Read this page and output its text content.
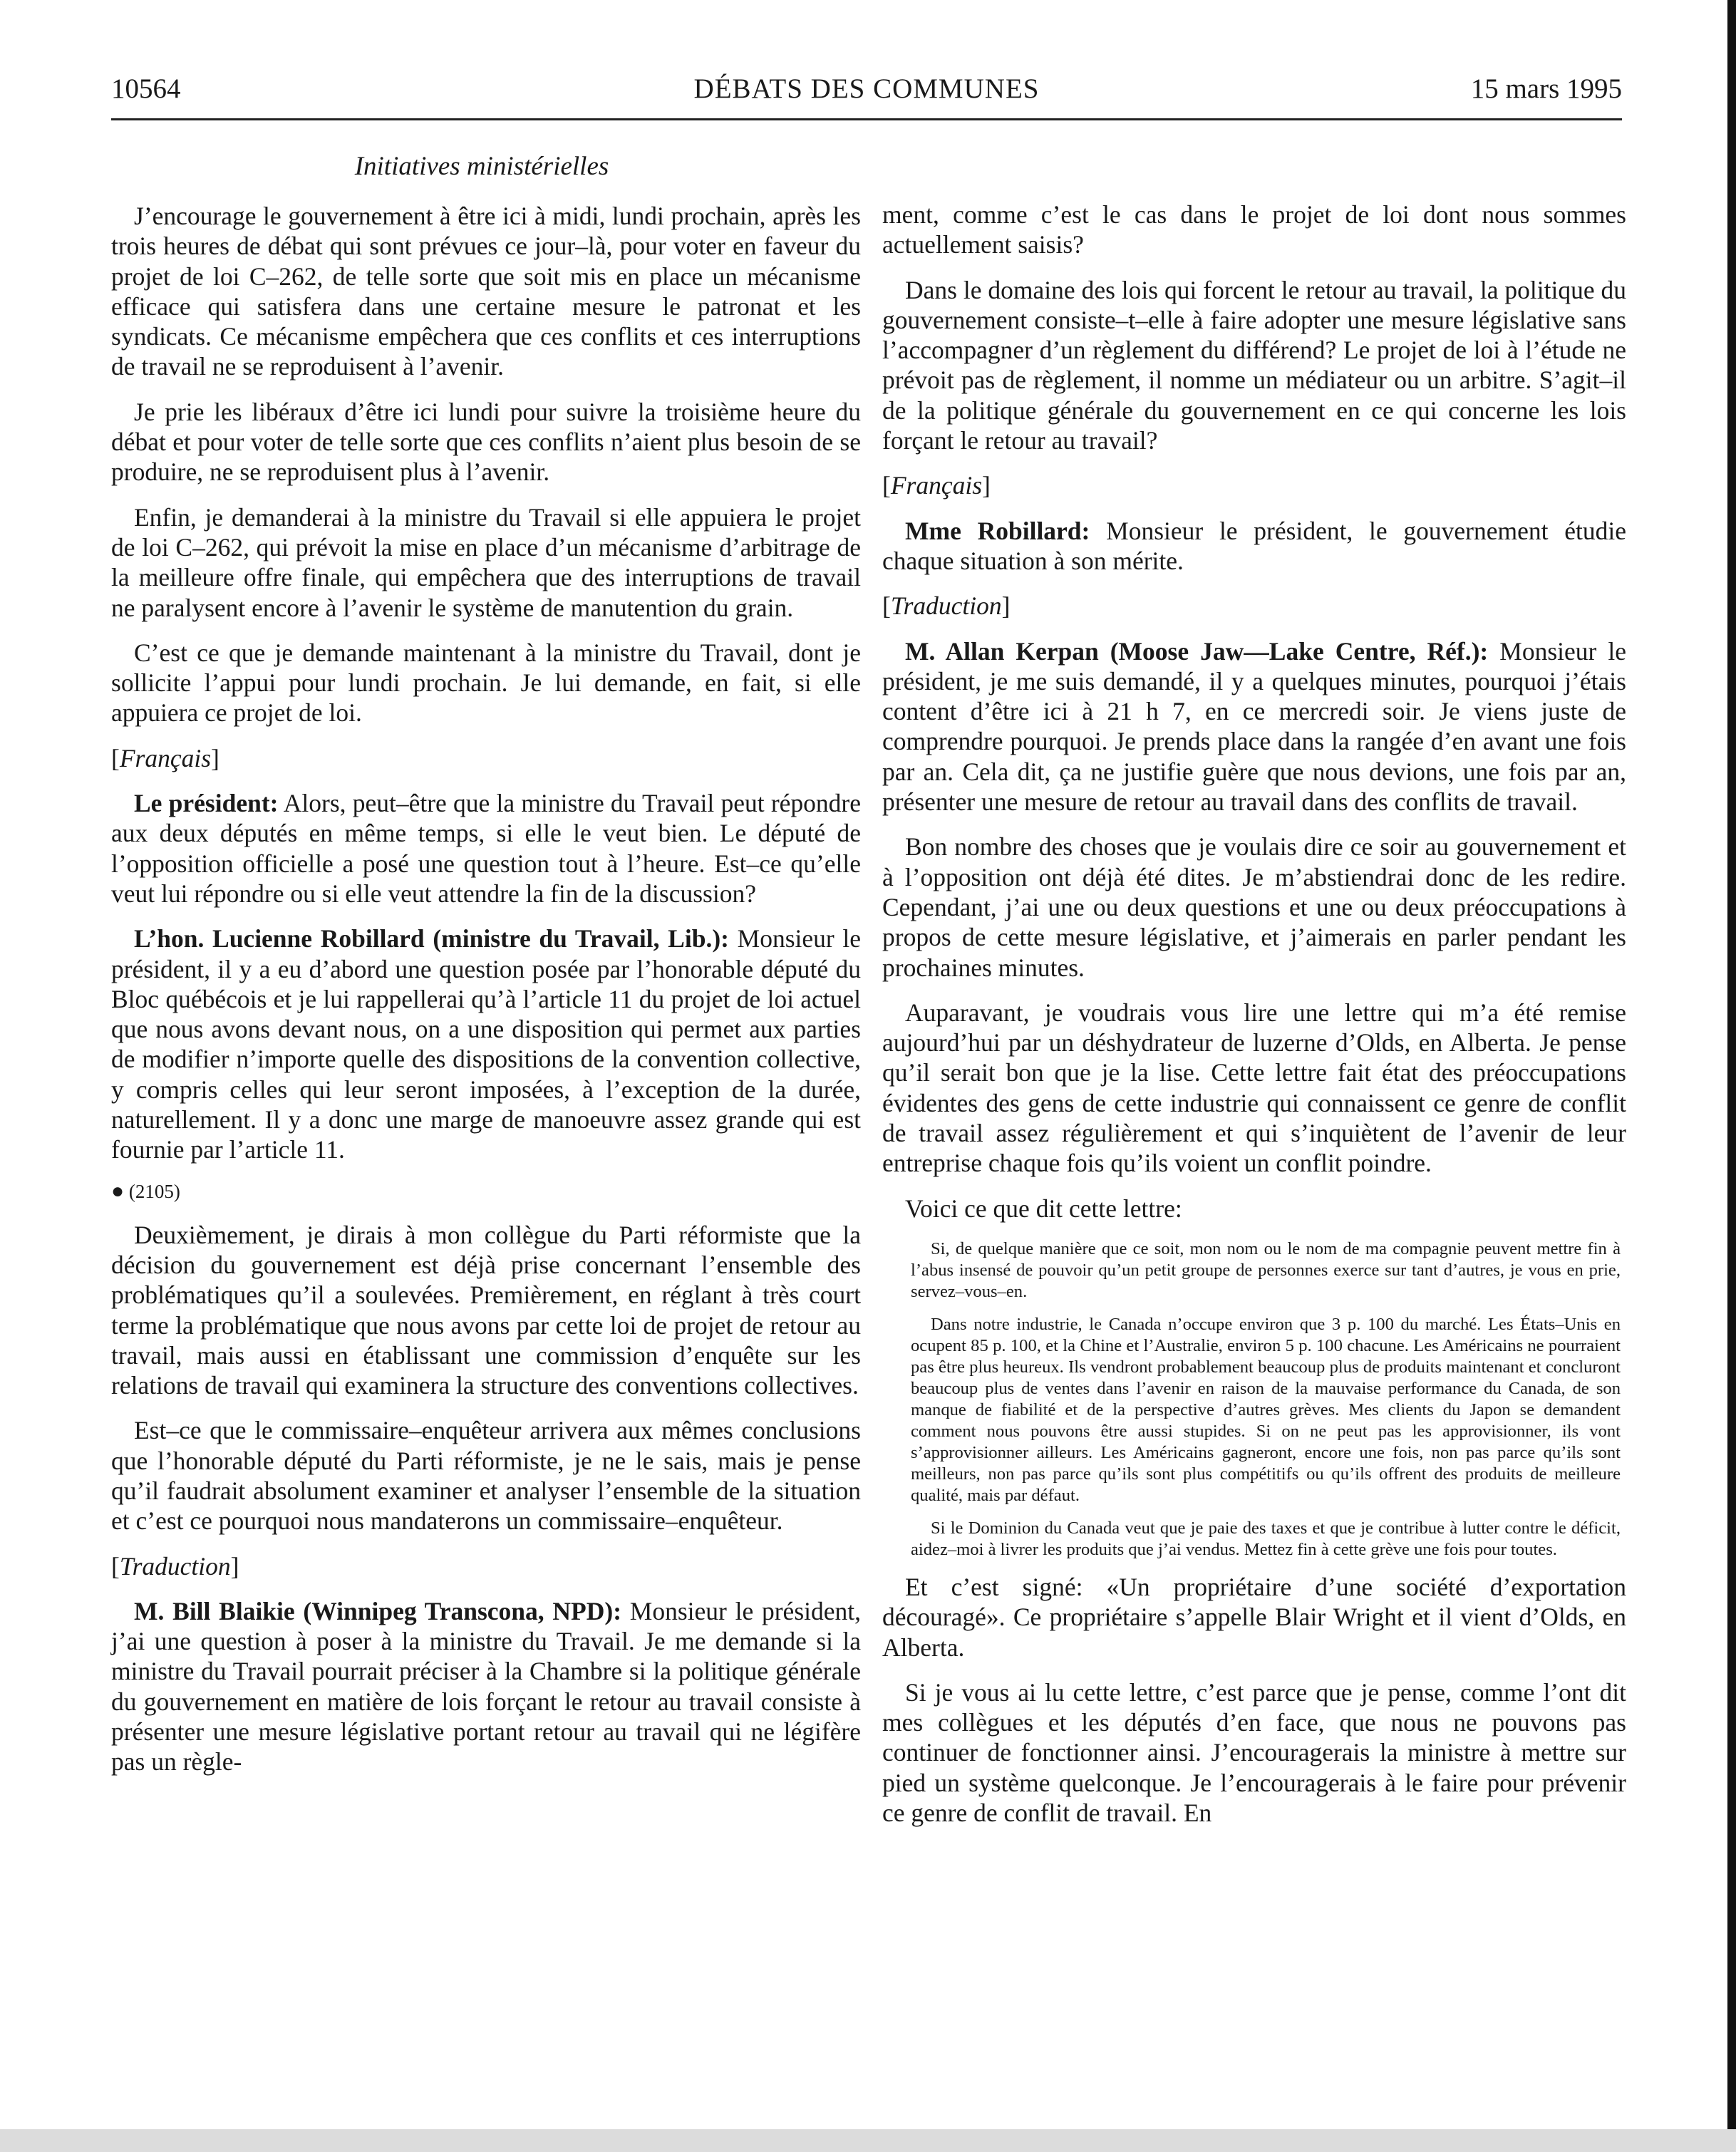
10564	DÉBATS DES COMMUNES	15 mars 1995
Initiatives ministérielles

J’encourage le gouvernement à être ici à midi, lundi prochain, après les trois heures de débat qui sont prévues ce jour–là, pour voter en faveur du projet de loi C–262, de telle sorte que soit mis en place un mécanisme efficace qui satisfera dans une certaine mesure le patronat et les syndicats. Ce mécanisme empêchera que ces conflits et ces interruptions de travail ne se reproduisent à l’avenir.

Je prie les libéraux d’être ici lundi pour suivre la troisième heure du débat et pour voter de telle sorte que ces conflits n’aient plus besoin de se produire, ne se reproduisent plus à l’avenir.

Enfin, je demanderai à la ministre du Travail si elle appuiera le projet de loi C–262, qui prévoit la mise en place d’un mécanisme d’arbitrage de la meilleure offre finale, qui empêchera que des interruptions de travail ne paralysent encore à l’avenir le système de manutention du grain.

C’est ce que je demande maintenant à la ministre du Travail, dont je sollicite l’appui pour lundi prochain. Je lui demande, en fait, si elle appuiera ce projet de loi.

[Français]

Le président: Alors, peut–être que la ministre du Travail peut répondre aux deux députés en même temps, si elle le veut bien. Le député de l’opposition officielle a posé une question tout à l’heure. Est–ce qu’elle veut lui répondre ou si elle veut attendre la fin de la discussion?

L’hon. Lucienne Robillard (ministre du Travail, Lib.): Monsieur le président, il y a eu d’abord une question posée par l’honorable député du Bloc québécois et je lui rappellerai qu’à l’article 11 du projet de loi actuel que nous avons devant nous, on a une disposition qui permet aux parties de modifier n’importe quelle des dispositions de la convention collective, y compris celles qui leur seront imposées, à l’exception de la durée, naturellement. Il y a donc une marge de manoeuvre assez grande qui est fournie par l’article 11.

● (2105)

Deuxièmement, je dirais à mon collègue du Parti réformiste que la décision du gouvernement est déjà prise concernant l’ensemble des problématiques qu’il a soulevées. Premièrement, en réglant à très court terme la problématique que nous avons par cette loi de projet de retour au travail, mais aussi en établissant une commission d’enquête sur les relations de travail qui examinera la structure des conventions collectives.

Est–ce que le commissaire–enquêteur arrivera aux mêmes conclusions que l’honorable député du Parti réformiste, je ne le sais, mais je pense qu’il faudrait absolument examiner et analyser l’ensemble de la situation et c’est ce pourquoi nous mandaterons un commissaire–enquêteur.

[Traduction]

M. Bill Blaikie (Winnipeg Transcona, NPD): Monsieur le président, j’ai une question à poser à la ministre du Travail. Je me demande si la ministre du Travail pourrait préciser à la Chambre si la politique générale du gouvernement en matière de lois forçant le retour au travail consiste à présenter une mesure législative portant retour au travail qui ne légifère pas un règle-

ment, comme c’est le cas dans le projet de loi dont nous sommes actuellement saisis?

Dans le domaine des lois qui forcent le retour au travail, la politique du gouvernement consiste–t–elle à faire adopter une mesure législative sans l’accompagner d’un règlement du différend? Le projet de loi à l’étude ne prévoit pas de règlement, il nomme un médiateur ou un arbitre. S’agit–il de la politique générale du gouvernement en ce qui concerne les lois forçant le retour au travail?

[Français]

Mme Robillard: Monsieur le président, le gouvernement étudie chaque situation à son mérite.

[Traduction]

M. Allan Kerpan (Moose Jaw—Lake Centre, Réf.): Monsieur le président, je me suis demandé, il y a quelques minutes, pourquoi j’étais content d’être ici à 21 h 7, en ce mercredi soir. Je viens juste de comprendre pourquoi. Je prends place dans la rangée d’en avant une fois par an. Cela dit, ça ne justifie guère que nous devions, une fois par an, présenter une mesure de retour au travail dans des conflits de travail.

Bon nombre des choses que je voulais dire ce soir au gouvernement et à l’opposition ont déjà été dites. Je m’abstiendrai donc de les redire. Cependant, j’ai une ou deux questions et une ou deux préoccupations à propos de cette mesure législative, et j’aimerais en parler pendant les prochaines minutes.

Auparavant, je voudrais vous lire une lettre qui m’a été remise aujourd’hui par un déshydrateur de luzerne d’Olds, en Alberta. Je pense qu’il serait bon que je la lise. Cette lettre fait état des préoccupations évidentes des gens de cette industrie qui connaissent ce genre de conflit de travail assez régulièrement et qui s’inquiètent de l’avenir de leur entreprise chaque fois qu’ils voient un conflit poindre.

Voici ce que dit cette lettre:

Si, de quelque manière que ce soit, mon nom ou le nom de ma compagnie peuvent mettre fin à l’abus insensé de pouvoir qu’un petit groupe de personnes exerce sur tant d’autres, je vous en prie, servez–vous–en.

Dans notre industrie, le Canada n’occupe environ que 3 p. 100 du marché. Les États–Unis en ocupent 85 p. 100, et la Chine et l’Australie, environ 5 p. 100 chacune. Les Américains ne pourraient pas être plus heureux. Ils vendront probablement beaucoup plus de produits maintenant et concluront beaucoup plus de ventes dans l’avenir en raison de la mauvaise performance du Canada, de son manque de fiabilité et de la perspective d’autres grèves. Mes clients du Japon se demandent comment nous pouvons être aussi stupides. Si on ne peut pas les approvisionner, ils vont s’approvisionner ailleurs. Les Américains gagneront, encore une fois, non pas parce qu’ils sont meilleurs, non pas parce qu’ils sont plus compétitifs ou qu’ils offrent des produits de meilleure qualité, mais par défaut.

Si le Dominion du Canada veut que je paie des taxes et que je contribue à lutter contre le déficit, aidez–moi à livrer les produits que j’ai vendus. Mettez fin à cette grève une fois pour toutes.

Et c’est signé: «Un propriétaire d’une société d’exportation découragé». Ce propriétaire s’appelle Blair Wright et il vient d’Olds, en Alberta.

Si je vous ai lu cette lettre, c’est parce que je pense, comme l’ont dit mes collègues et les députés d’en face, que nous ne pouvons pas continuer de fonctionner ainsi. J’encouragerais la ministre à mettre sur pied un système quelconque. Je l’encouragerais à le faire pour prévenir ce genre de conflit de travail. En
